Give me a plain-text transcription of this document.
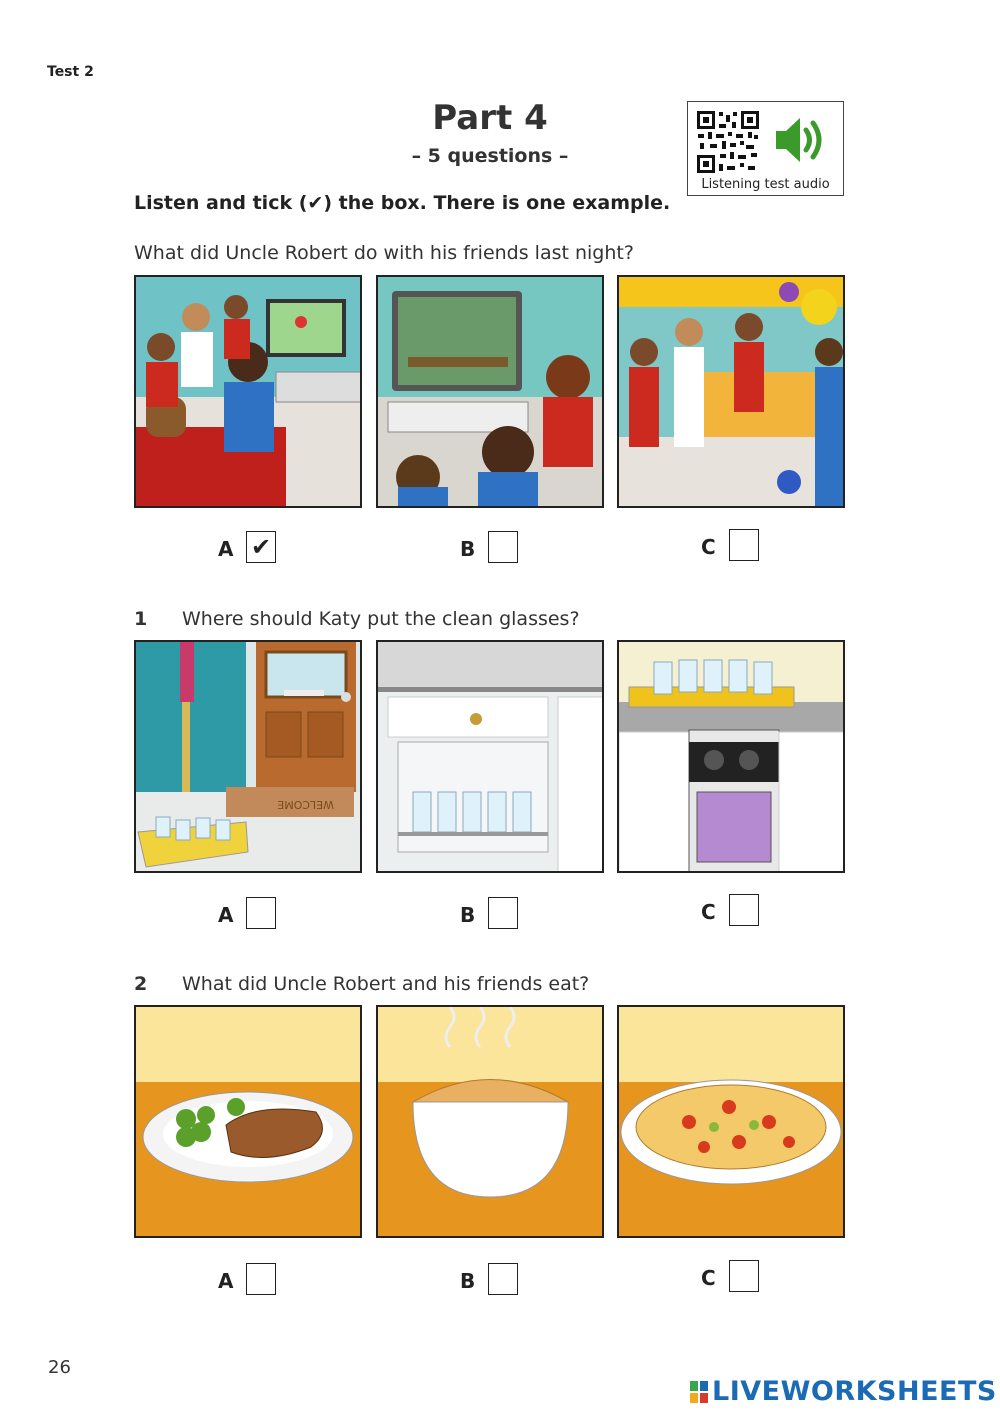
Test 2
Part 4
– 5 questions –
Listening test audio
Listen and tick (✔) the box. There is one example.
What did Uncle Robert do with his friends last night?
A ✔	B	C
1 Where should Katy put the clean glasses?
WELCOME
A	B	C
2 What did Uncle Robert and his friends eat?
A	B	C
26
LIVEWORKSHEETS
